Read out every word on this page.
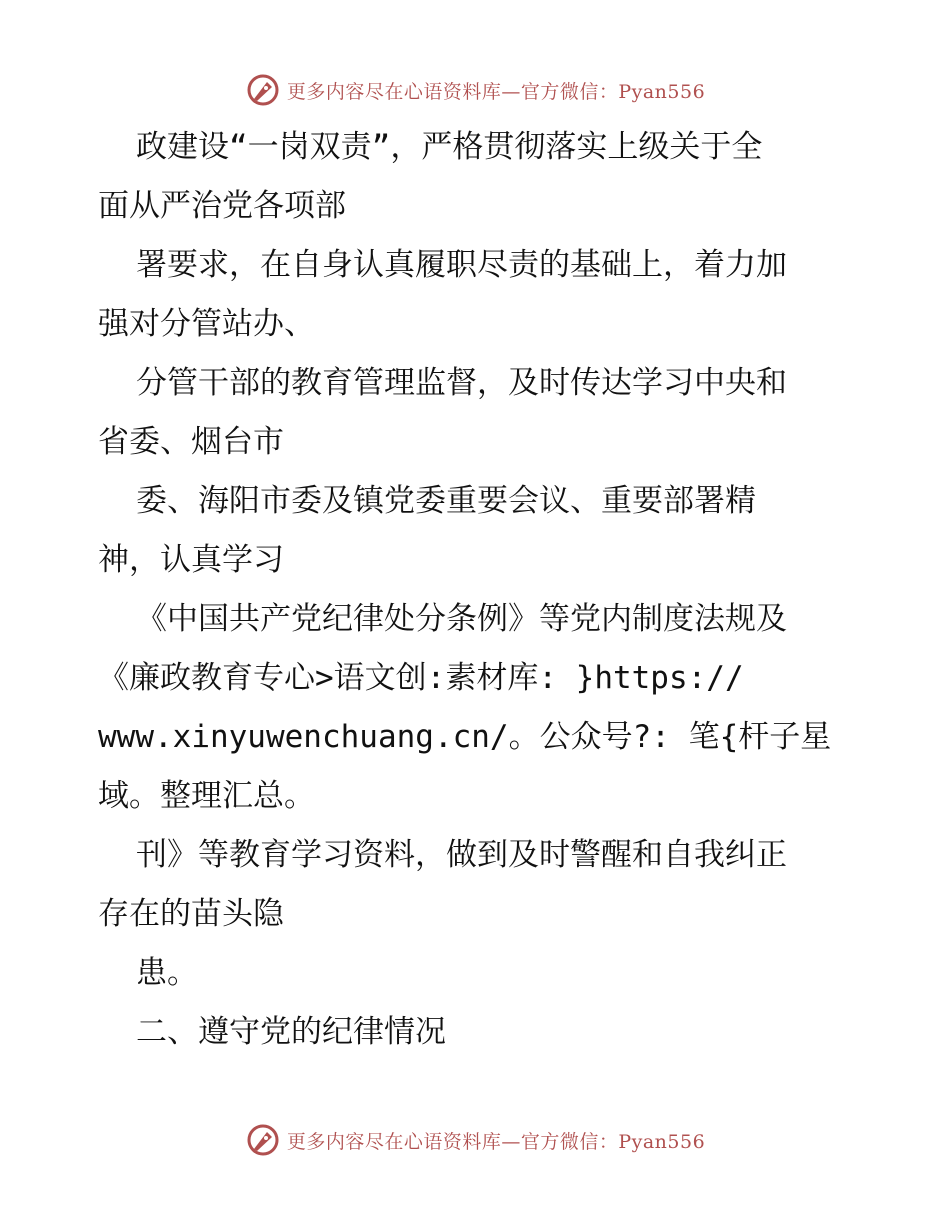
更多内容尽在心语资料库—官方微信：Pyan556

政建设“一岗双责”，严格贯彻落实上级关于全

面从严治党各项部

署要求，在自身认真履职尽责的基础上，着力加

强对分管站办、

分管干部的教育管理监督，及时传达学习中央和

省委、烟台市

委、海阳市委及镇党委重要会议、重要部署精

神，认真学习

《中国共产党纪律处分条例》等党内制度法规及

《廉政教育专心>语文创:素材库: }https://

www.xinyuwenchuang.cn/。公众号?: 笔{杆子星

域。整理汇总。

刊》等教育学习资料，做到及时警醒和自我纠正

存在的苗头隐

患。

二、遵守党的纪律情况

更多内容尽在心语资料库—官方微信：Pyan556
